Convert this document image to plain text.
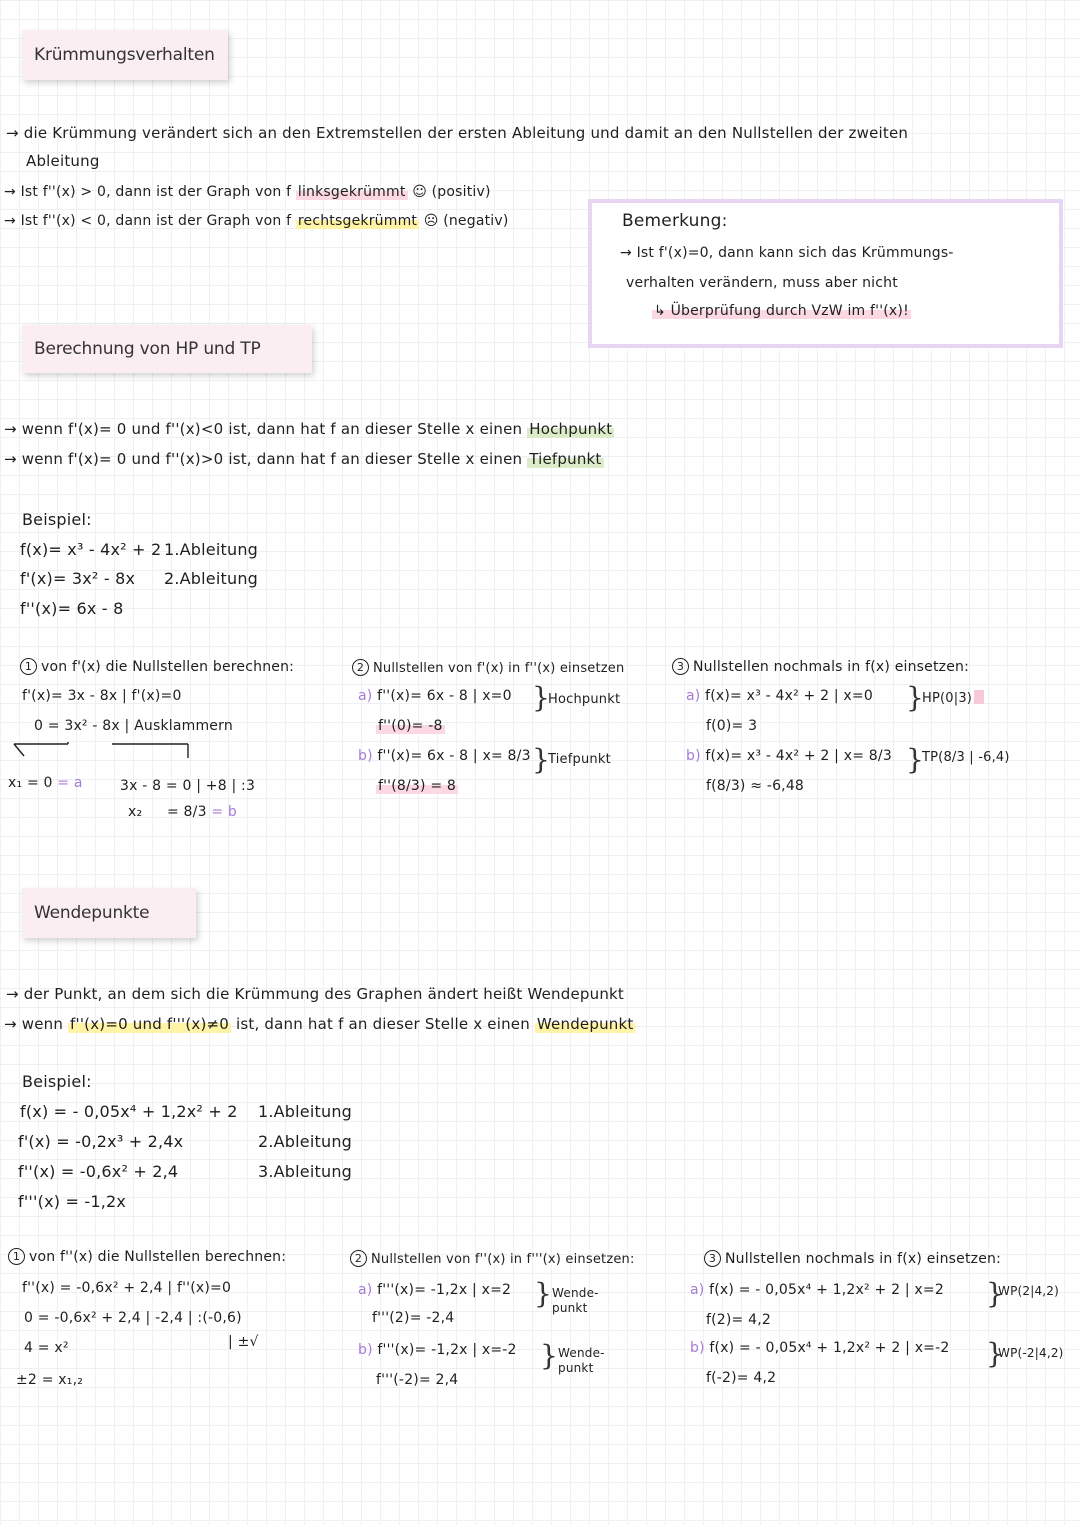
Krümmungsverhalten
→ die Krümmung verändert sich an den Extremstellen der ersten Ableitung und damit an den Nullstellen der zweiten
Ableitung
→ Ist f''(x) > 0, dann ist der Graph von f linksgekrümmt ☺ (positiv)
→ Ist f''(x) < 0, dann ist der Graph von f rechtsgekrümmt ☹ (negativ)	Bemerkung:
→ Ist f'(x)=0, dann kann sich das Krümmungs-
verhalten verändern, muss aber nicht
↳ Überprüfung durch VzW im f''(x)!
Berechnung von HP und TP
→ wenn f'(x)= 0 und f''(x)<0 ist, dann hat f an dieser Stelle x einen Hochpunkt
→ wenn f'(x)= 0 und f''(x)>0 ist, dann hat f an dieser Stelle x einen Tiefpunkt
Beispiel:
f(x)= x³ - 4x² + 2 1.Ableitung
f'(x)= 3x² - 8x 2.Ableitung
f''(x)= 6x - 8
1 von f'(x) die Nullstellen berechnen:
f'(x)= 3x - 8x | f'(x)=0
0 = 3x² - 8x | Ausklammern
x₁ = 0 = a	3x - 8 = 0 | +8 | :3
x₂ = 8/3 = b
2 Nullstellen von f'(x) in f''(x) einsetzen
a) f''(x)= 6x - 8 | x=0
f''(0)= -8
}
Hochpunkt
b) f''(x)= 6x - 8 | x= 8/3
f''(8/3) = 8
}
Tiefpunkt
3 Nullstellen nochmals in f(x) einsetzen:
a) f(x)= x³ - 4x² + 2 | x=0
f(0)= 3
}
HP(0|3)
b) f(x)= x³ - 4x² + 2 | x= 8/3
f(8/3) ≈ -6,48
}
TP(8/3 | -6,4)
Wendepunkte
→ der Punkt, an dem sich die Krümmung des Graphen ändert heißt Wendepunkt
→ wenn f''(x)=0 und f'''(x)≠0 ist, dann hat f an dieser Stelle x einen Wendepunkt
Beispiel:
f(x) = - 0,05x⁴ + 1,2x² + 2 1.Ableitung
f'(x) = -0,2x³ + 2,4x	2.Ableitung
f''(x) = -0,6x² + 2,4	3.Ableitung
f'''(x) = -1,2x
1 von f''(x) die Nullstellen berechnen:
f''(x) = -0,6x² + 2,4 | f''(x)=0
0 = -0,6x² + 2,4 | -2,4 | :(-0,6)
4 = x²	| ±√
±2 = x₁,₂
2 Nullstellen von f''(x) in f'''(x) einsetzen:
a) f'''(x)= -1,2x | x=2
f'''(2)= -2,4
} Wende-punkt
b) f'''(x)= -1,2x | x=-2
f'''(-2)= 2,4
} Wende-punkt
3 Nullstellen nochmals in f(x) einsetzen:
a) f(x) = - 0,05x⁴ + 1,2x² + 2 | x=2
f(2)= 4,2
}
WP(2|4,2)
b) f(x) = - 0,05x⁴ + 1,2x² + 2 | x=-2
f(-2)= 4,2
}
WP(-2|4,2)
